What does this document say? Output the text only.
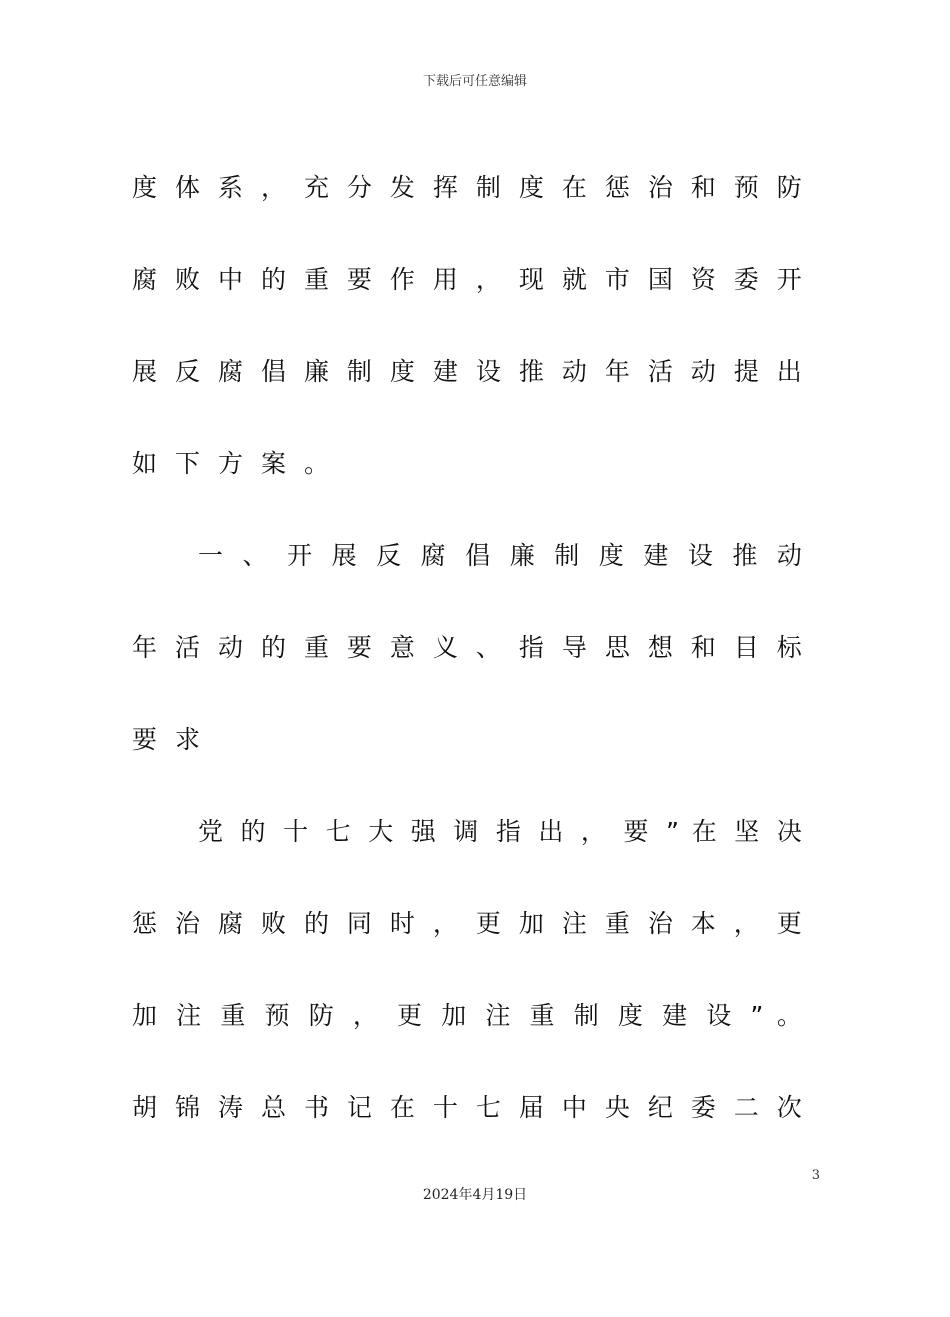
下载后可任意编辑
度 体 系 ， 充 分 发 挥 制 度 在 惩 治 和 预 防
腐 败 中 的 重 要 作 用 ， 现 就 市 国 资 委 开
展 反 腐 倡 廉 制 度 建 设 推 动 年 活 动 提 出
如下方案。
一 、 开 展 反 腐 倡 廉 制 度 建 设 推 动
年 活 动 的 重 要 意 义 、 指 导 思 想 和 目 标
要求
党 的 十 七 大 强 调 指 出 ， 要 ” 在 坚 决
惩 治 腐 败 的 同 时 ， 更 加 注 重 治 本 ， 更
加 注 重 预 防 ， 更 加 注 重 制 度 建 设 ” 。
胡 锦 涛 总 书 记 在 十 七 届 中 央 纪 委 二 次
3
2024年4月19日
